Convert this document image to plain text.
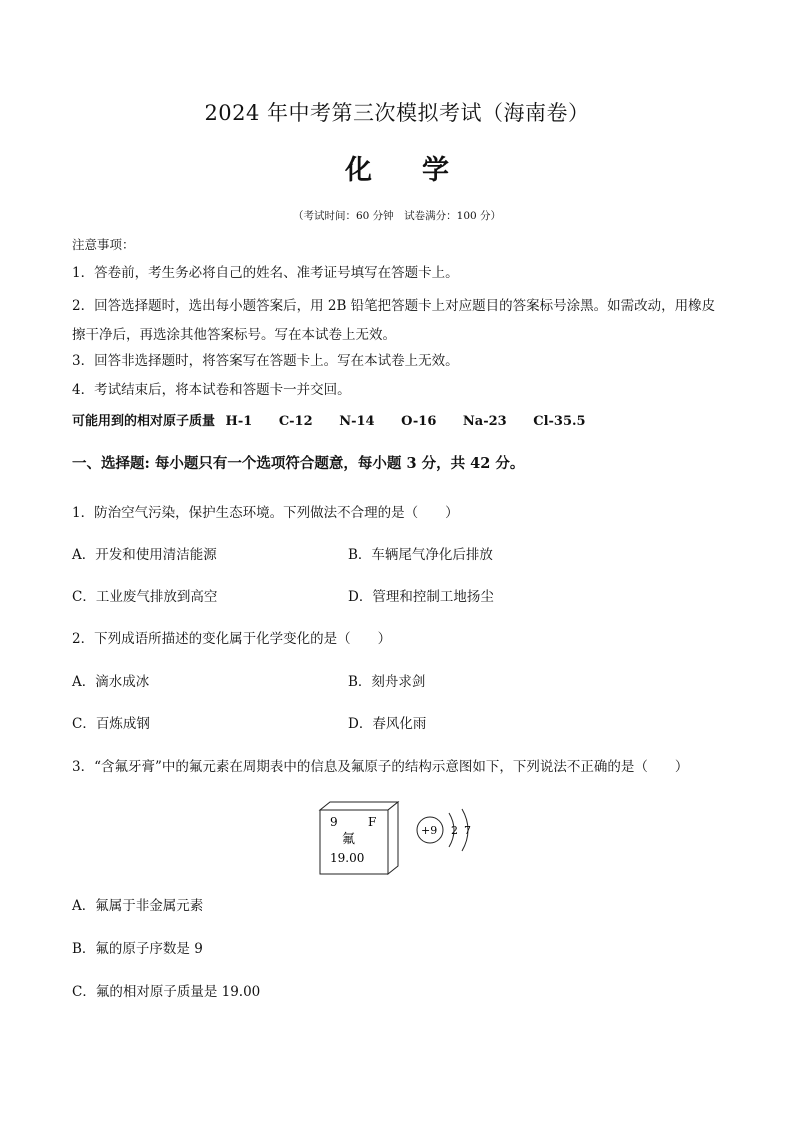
2024 年中考第三次模拟考试（海南卷）
化学
（考试时间：60 分钟　试卷满分：100 分）
注意事项：
1．答卷前，考生务必将自己的姓名、准考证号填写在答题卡上。
2．回答选择题时，选出每小题答案后，用 2B 铅笔把答题卡上对应题目的答案标号涂黑。如需改动，用橡皮擦干净后，再选涂其他答案标号。写在本试卷上无效。
3．回答非选择题时，将答案写在答题卡上。写在本试卷上无效。
4．考试结束后，将本试卷和答题卡一并交回。
可能用到的相对原子质量 H-1 C-12 N-14 O-16 Na-23 Cl-35.5
一、选择题: 每小题只有一个选项符合题意，每小题 3 分，共 42 分。
1．防治空气污染，保护生态环境。下列做法不合理的是（　　）
A．开发和使用清洁能源	B．车辆尾气净化后排放
C．工业废气排放到高空	D．管理和控制工地扬尘
2．下列成语所描述的变化属于化学变化的是（　　）
A．滴水成冰	B．刻舟求剑
C．百炼成钢	D．春风化雨
3．“含氟牙膏”中的氟元素在周期表中的信息及氟原子的结构示意图如下，下列说法不正确的是（　　）
9	F
氟
19.00
+9 2 7
A．氟属于非金属元素
B．氟的原子序数是 9
C．氟的相对原子质量是 19.00
